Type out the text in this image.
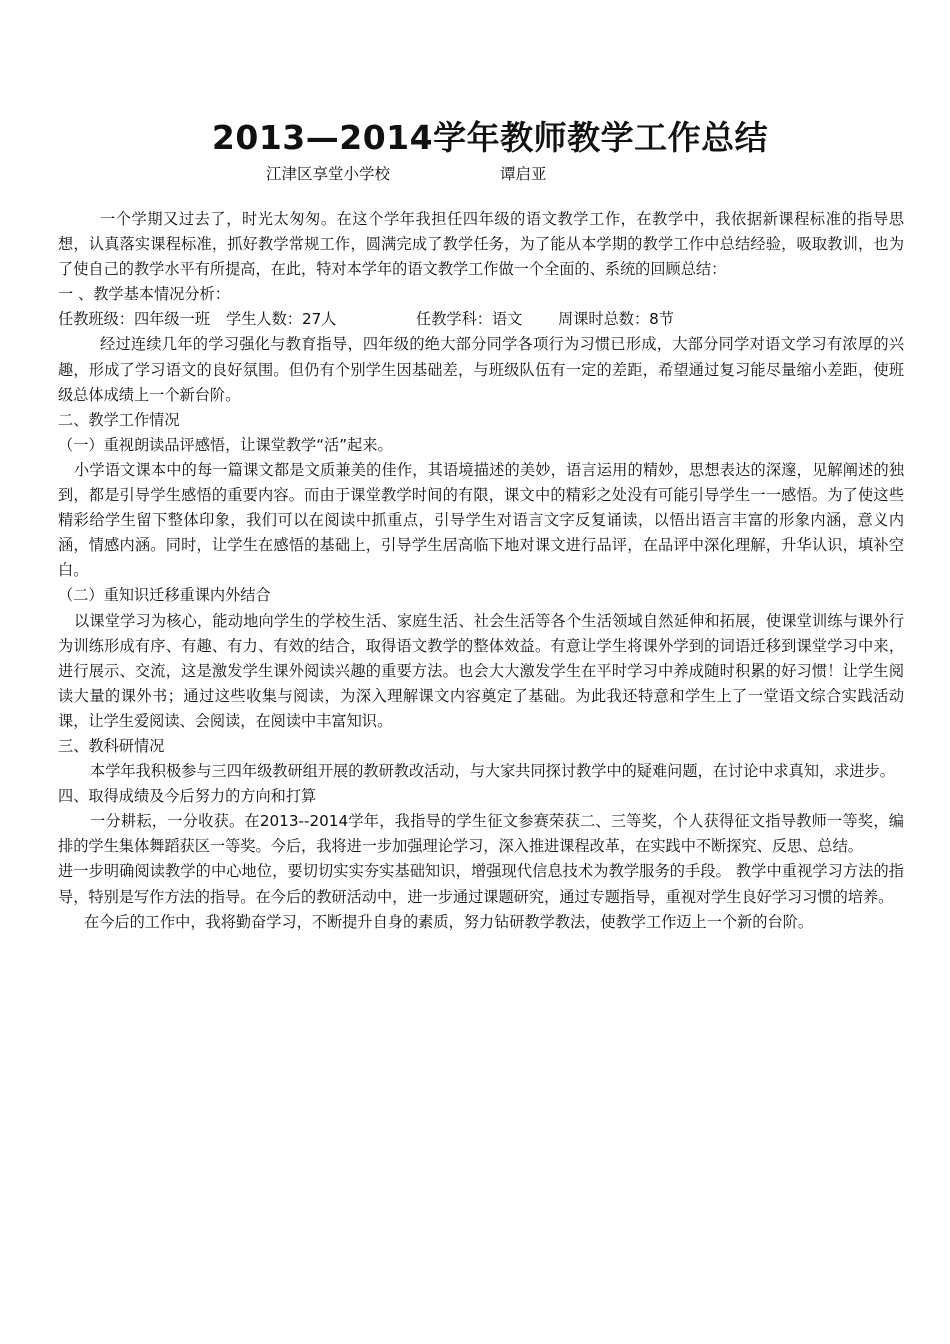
2013—2014学年教师教学工作总结
江津区享堂小学校	谭启亚

一个学期又过去了，时光太匆匆。在这个学年我担任四年级的语文教学工作，在教学中，我依据新课程标准的指导思想，认真落实课程标准，抓好教学常规工作，圆满完成了教学任务，为了能从本学期的教学工作中总结经验，吸取教训，也为了使自己的教学水平有所提高，在此，特对本学年的语文教学工作做一个全面的、系统的回顾总结：

一 、教学基本情况分析：

任教班级：四年级一班 学生人数：27人	任教学科：语文 周课时总数：8节

经过连续几年的学习强化与教育指导，四年级的绝大部分同学各项行为习惯已形成，大部分同学对语文学习有浓厚的兴趣，形成了学习语文的良好氛围。但仍有个别学生因基础差，与班级队伍有一定的差距，希望通过复习能尽量缩小差距，使班级总体成绩上一个新台阶。

二、教学工作情况

（一）重视朗读品评感悟，让课堂教学“活”起来。

小学语文课本中的每一篇课文都是文质兼美的佳作，其语境描述的美妙，语言运用的精妙，思想表达的深邃，见解阐述的独到，都是引导学生感悟的重要内容。而由于课堂教学时间的有限，课文中的精彩之处没有可能引导学生一一感悟。为了使这些精彩给学生留下整体印象，我们可以在阅读中抓重点，引导学生对语言文字反复诵读，以悟出语言丰富的形象内涵，意义内涵，情感内涵。同时，让学生在感悟的基础上，引导学生居高临下地对课文进行品评，在品评中深化理解，升华认识，填补空白。

（二）重知识迁移重课内外结合

以课堂学习为核心，能动地向学生的学校生活、家庭生活、社会生活等各个生活领域自然延伸和拓展，使课堂训练与课外行为训练形成有序、有趣、有力、有效的结合，取得语文教学的整体效益。有意让学生将课外学到的词语迁移到课堂学习中来，进行展示、交流，这是激发学生课外阅读兴趣的重要方法。也会大大激发学生在平时学习中养成随时积累的好习惯！让学生阅读大量的课外书；通过这些收集与阅读，为深入理解课文内容奠定了基础。为此我还特意和学生上了一堂语文综合实践活动课，让学生爱阅读、会阅读，在阅读中丰富知识。

三、教科研情况

本学年我积极参与三四年级教研组开展的教研教改活动，与大家共同探讨教学中的疑难问题，在讨论中求真知，求进步。

四、取得成绩及今后努力的方向和打算

一分耕耘，一分收获。在2013--2014学年，我指导的学生征文参赛荣获二、三等奖，个人获得征文指导教师一等奖，编排的学生集体舞蹈获区一等奖。今后，我将进一步加强理论学习，深入推进课程改革，在实践中不断探究、反思、总结。

进一步明确阅读教学的中心地位，要切切实实夯实基础知识，增强现代信息技术为教学服务的手段。 教学中重视学习方法的指导，特别是写作方法的指导。在今后的教研活动中，进一步通过课题研究，通过专题指导，重视对学生良好学习习惯的培养。

在今后的工作中，我将勤奋学习，不断提升自身的素质，努力钻研教学教法，使教学工作迈上一个新的台阶。
